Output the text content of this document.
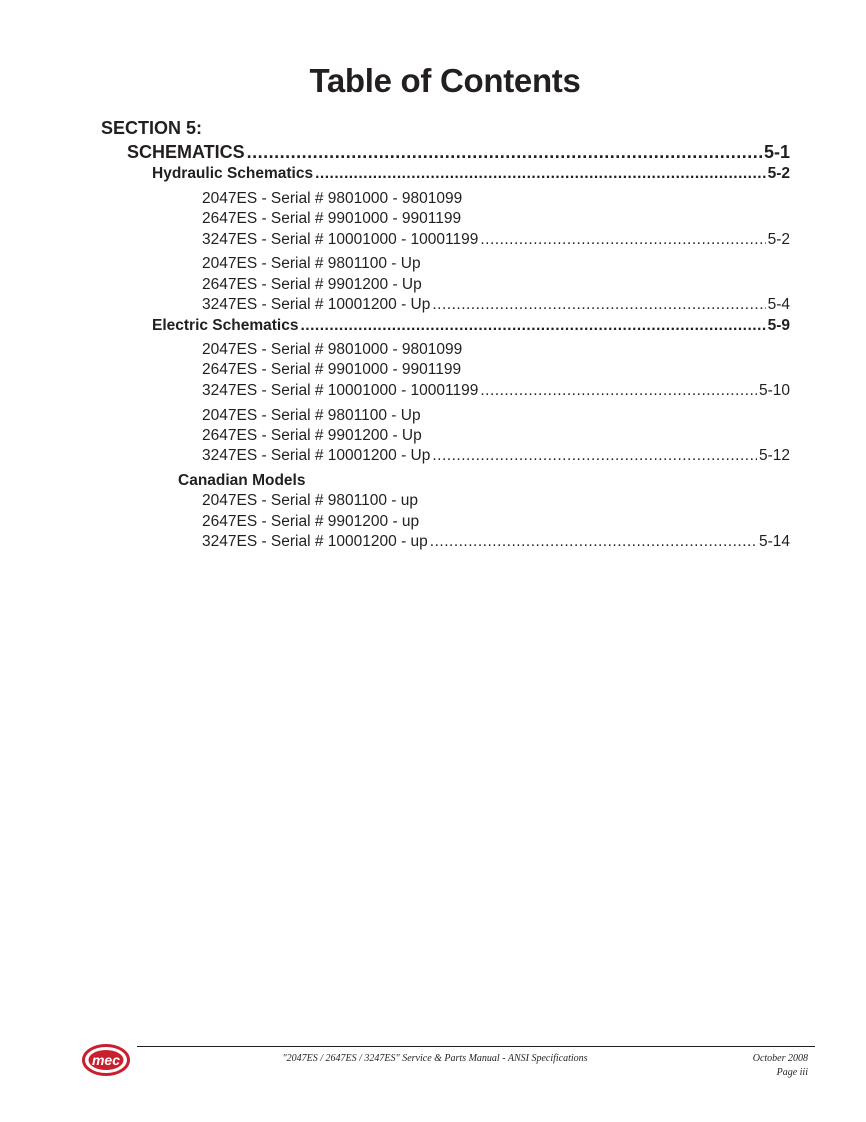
Table of Contents
SECTION 5:
SCHEMATICS .....	5-1
Hydraulic Schematics .....	5-2
2047ES - Serial # 9801000 - 9801099
2647ES - Serial # 9901000 - 9901199
3247ES - Serial # 10001000 - 10001199 .....	5-2
2047ES - Serial # 9801100 - Up
2647ES - Serial # 9901200 - Up
3247ES - Serial # 10001200 - Up .....	5-4
Electric Schematics .....	5-9
2047ES - Serial # 9801000 - 9801099
2647ES - Serial # 9901000 - 9901199
3247ES - Serial # 10001000 - 10001199 .....	5-10
2047ES - Serial # 9801100 - Up
2647ES - Serial # 9901200 - Up
3247ES - Serial # 10001200 - Up .....	5-12
Canadian Models
2047ES - Serial # 9801100 - up
2647ES - Serial # 9901200 - up
3247ES - Serial # 10001200 - up .....	5-14
mec	"2047ES / 2647ES / 3247ES" Service & Parts Manual - ANSI Specifications	October 2008
Page iii
